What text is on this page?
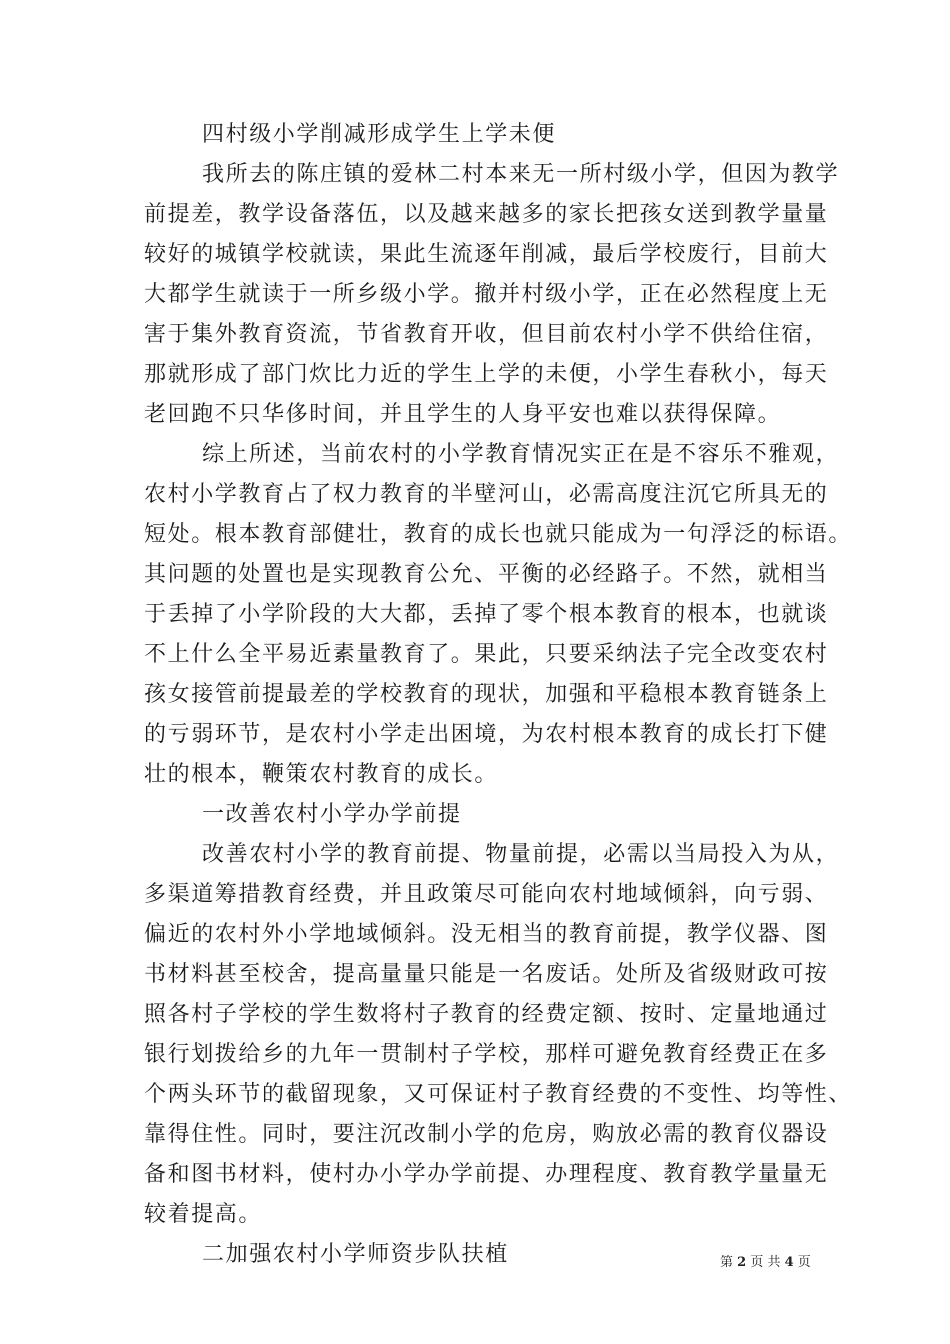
四村级小学削减形成学生上学未便
我所去的陈庄镇的爱林二村本来无一所村级小学，但因为教学
前提差，教学设备落伍，以及越来越多的家长把孩女送到教学量量
较好的城镇学校就读，果此生流逐年削减，最后学校废行，目前大
大都学生就读于一所乡级小学。撤并村级小学，正在必然程度上无
害于集外教育资流，节省教育开收，但目前农村小学不供给住宿，
那就形成了部门炊比力近的学生上学的未便，小学生春秋小，每天
老回跑不只华侈时间，并且学生的人身平安也难以获得保障。
综上所述，当前农村的小学教育情况实正在是不容乐不雅观，
农村小学教育占了权力教育的半壁河山，必需高度注沉它所具无的
短处。根本教育部健壮，教育的成长也就只能成为一句浮泛的标语。
其问题的处置也是实现教育公允、平衡的必经路子。不然，就相当
于丢掉了小学阶段的大大都，丢掉了零个根本教育的根本，也就谈
不上什么全平易近素量教育了。果此，只要采纳法子完全改变农村
孩女接管前提最差的学校教育的现状，加强和平稳根本教育链条上
的亏弱环节，是农村小学走出困境，为农村根本教育的成长打下健
壮的根本，鞭策农村教育的成长。
一改善农村小学办学前提
改善农村小学的教育前提、物量前提，必需以当局投入为从，
多渠道筹措教育经费，并且政策尽可能向农村地域倾斜，向亏弱、
偏近的农村外小学地域倾斜。没无相当的教育前提，教学仪器、图
书材料甚至校舍，提高量量只能是一名废话。处所及省级财政可按
照各村子学校的学生数将村子教育的经费定额、按时、定量地通过
银行划拨给乡的九年一贯制村子学校，那样可避免教育经费正在多
个两头环节的截留现象，又可保证村子教育经费的不变性、均等性、
靠得住性。同时，要注沉改制小学的危房，购放必需的教育仪器设
备和图书材料，使村办小学办学前提、办理程度、教育教学量量无
较着提高。
二加强农村小学师资步队扶植	第 2 页 共 4 页
